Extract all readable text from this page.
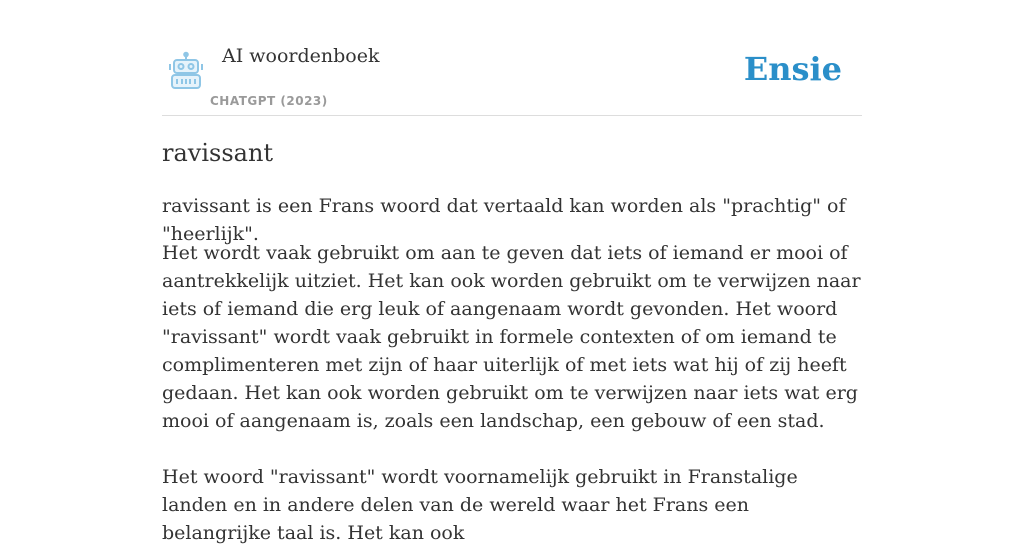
AI woordenboek
CHATGPT (2023)
Ensie
ravissant
ravissant is een Frans woord dat vertaald kan worden als "prachtig" of "heerlijk".
Het wordt vaak gebruikt om aan te geven dat iets of iemand er mooi of aantrekkelijk uitziet. Het kan ook worden gebruikt om te verwijzen naar iets of iemand die erg leuk of aangenaam wordt gevonden. Het woord "ravissant" wordt vaak gebruikt in formele contexten of om iemand te complimenteren met zijn of haar uiterlijk of met iets wat hij of zij heeft gedaan. Het kan ook worden gebruikt om te verwijzen naar iets wat erg mooi of aangenaam is, zoals een landschap, een gebouw of een stad.
Het woord "ravissant" wordt voornamelijk gebruikt in Franstalige landen en in andere delen van de wereld waar het Frans een belangrijke taal is. Het kan ook
